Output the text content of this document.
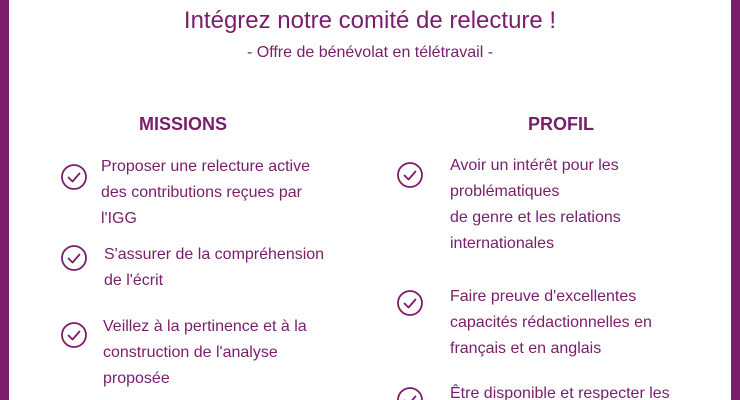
Intégrez notre comité de relecture !
- Offre de bénévolat en télétravail -
MISSIONS	PROFIL
Proposer une relecture active
des contributions reçues par
l'IGG
S'assurer de la compréhension
de l'écrit
Veillez à la pertinence et à la
construction de l'analyse
proposée
Avoir un intérêt pour les
problématiques
de genre et les relations
internationales
Faire preuve d'excellentes
capacités rédactionnelles en
français et en anglais
Être disponible et respecter les
